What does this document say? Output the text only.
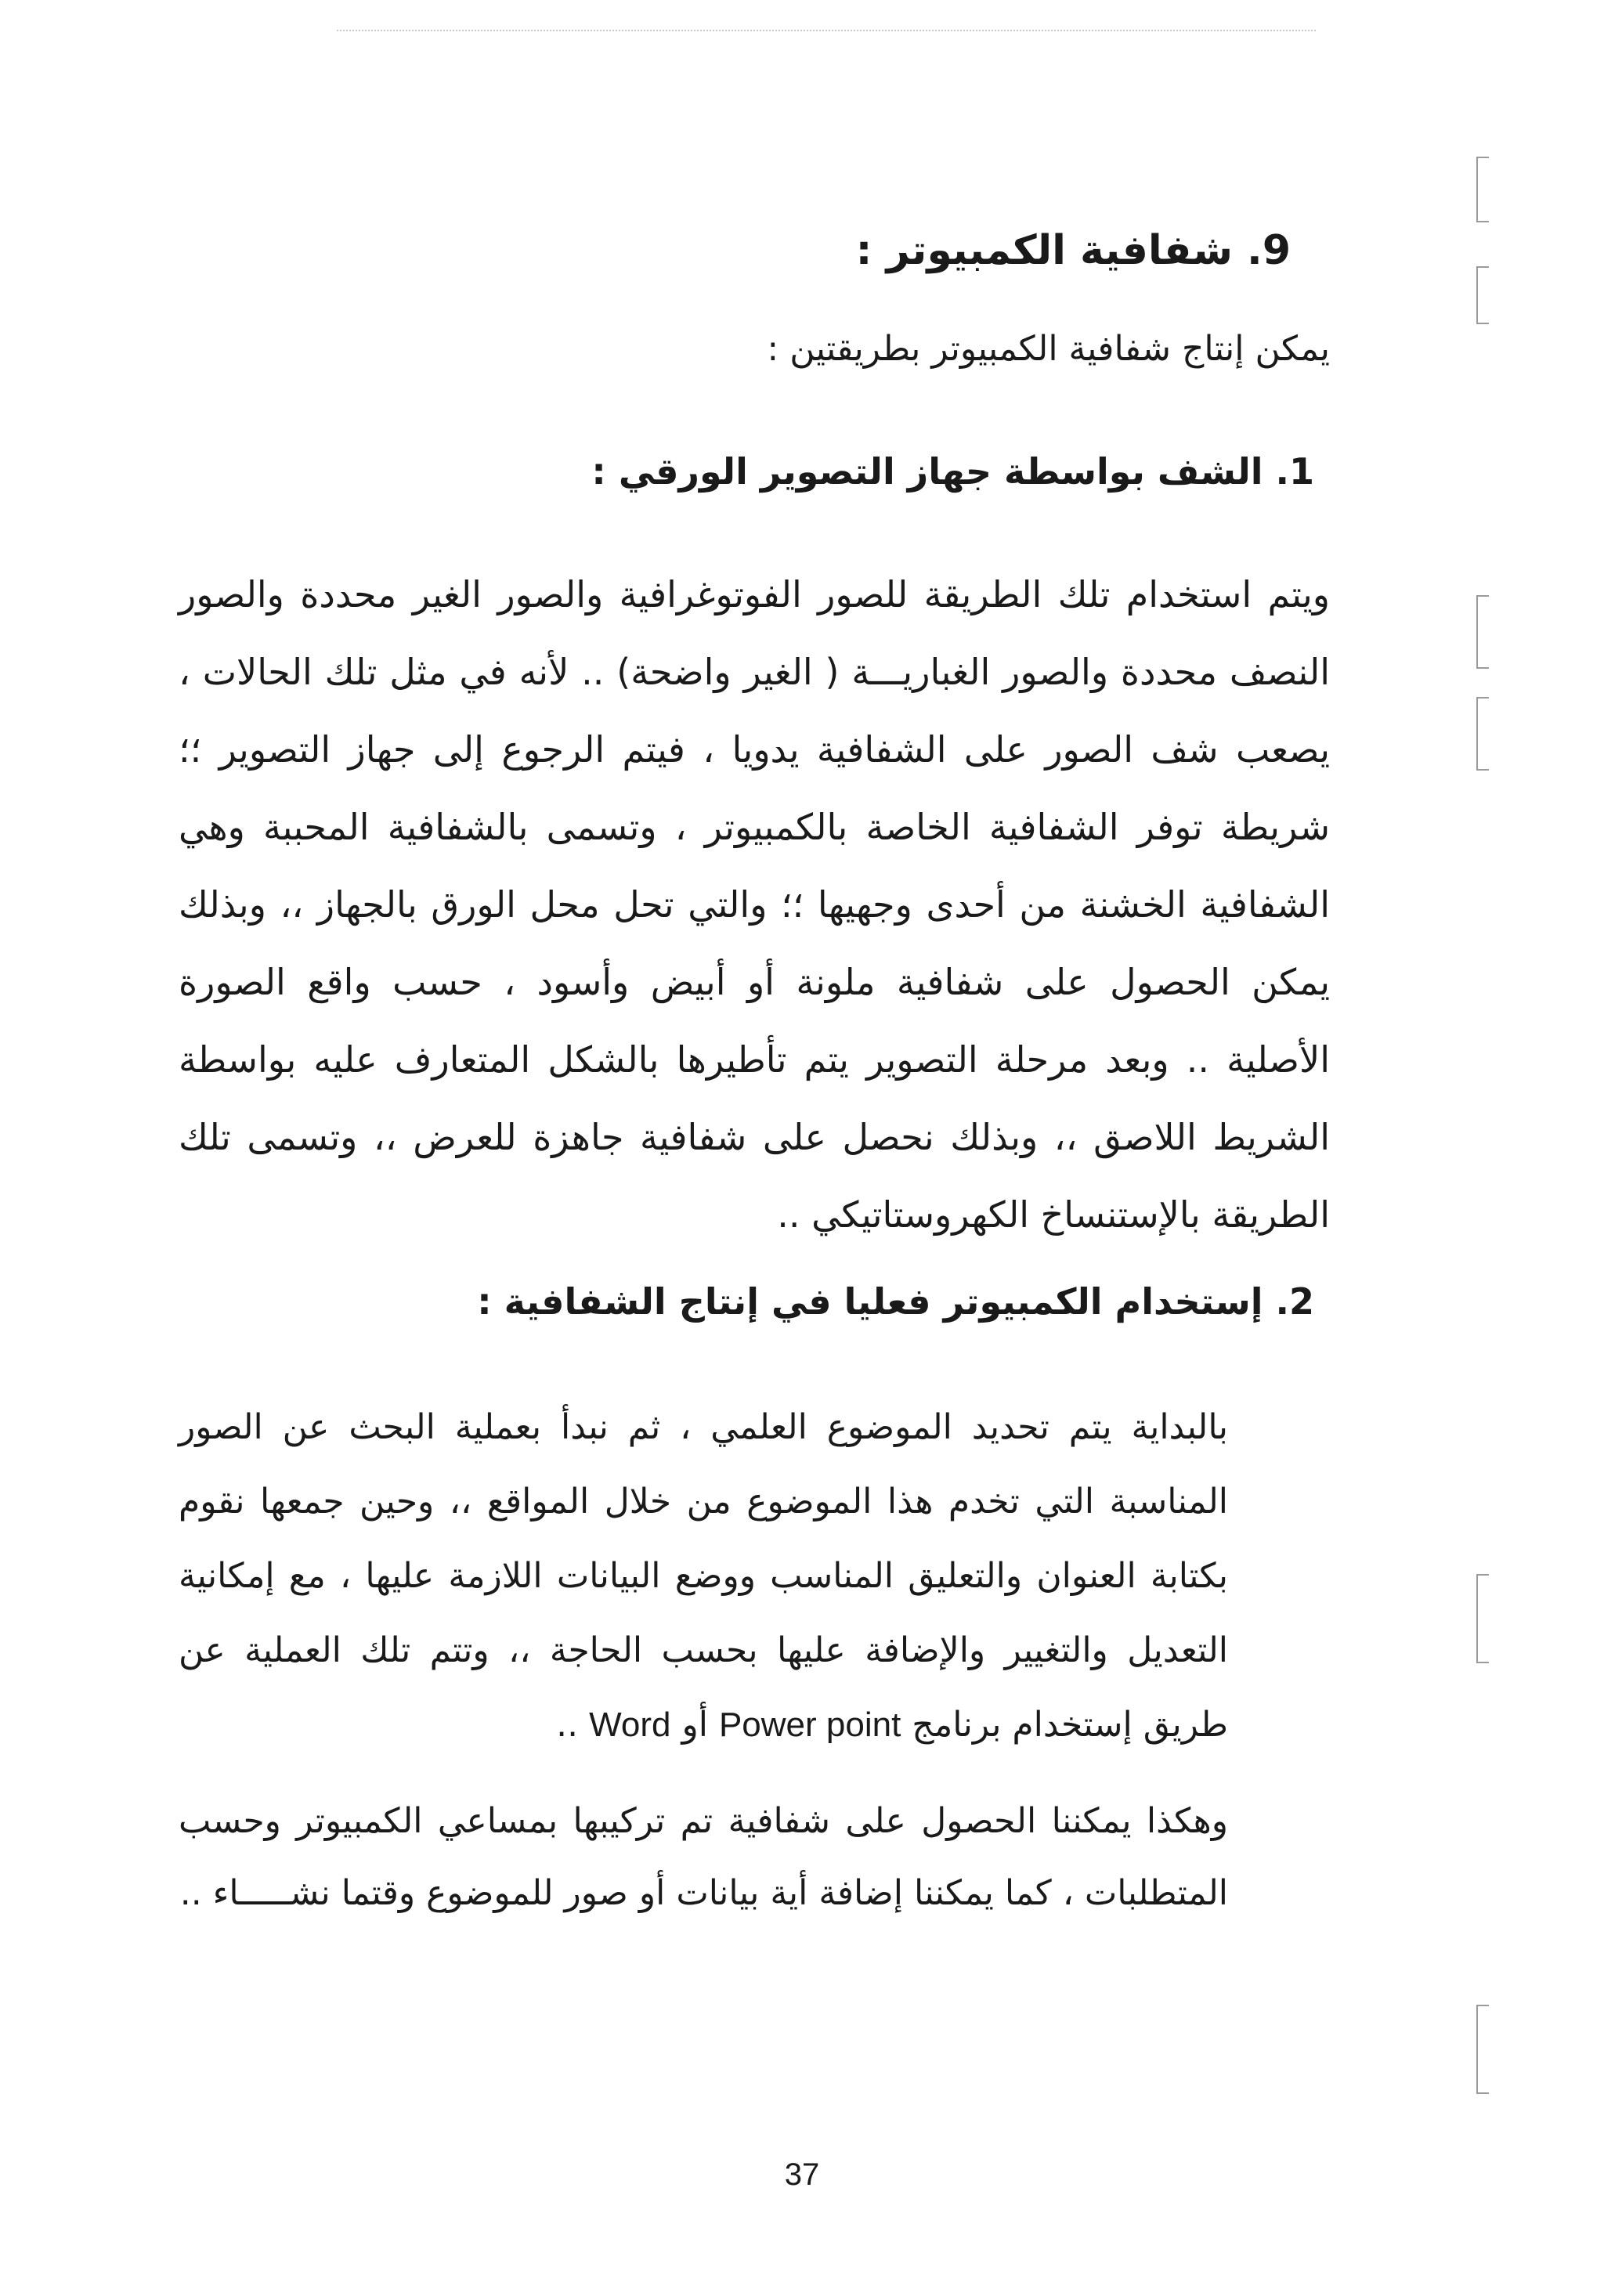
9. شفافية الكمبيوتر :
يمكن إنتاج شفافية الكمبيوتر بطريقتين :
1. الشف بواسطة جهاز التصوير الورقي :

ويتم استخدام تلك الطريقة للصور الفوتوغرافية والصور الغير محددة والصور النصف محددة والصور الغباريـــة ( الغير واضحة) .. لأنه في مثل تلك الحالات ، يصعب شف الصور على الشفافية يدويا ، فيتم الرجوع إلى جهاز التصوير ؛؛ شريطة توفر الشفافية الخاصة بالكمبيوتر ، وتسمى بالشفافية المحببة وهي الشفافية الخشنة من أحدى وجهيها ؛؛ والتي تحل محل الورق بالجهاز ،، وبذلك يمكن الحصول على شفافية ملونة أو أبيض وأسود ، حسب واقع الصورة الأصلية .. وبعد مرحلة التصوير يتم تأطيرها بالشكل المتعارف عليه بواسطة الشريط اللاصق ،، وبذلك نحصل على شفافية جاهزة للعرض ،، وتسمى تلك الطريقة بالإستنساخ الكهروستاتيكي ..

2. إستخدام الكمبيوتر فعليا في إنتاج الشفافية :

بالبداية يتم تحديد الموضوع العلمي ، ثم نبدأ بعملية البحث عن الصور المناسبة التي تخدم هذا الموضوع من خلال المواقع ،، وحين جمعها نقوم بكتابة العنوان والتعليق المناسب ووضع البيانات اللازمة عليها ، مع إمكانية التعديل والتغيير والإضافة عليها بحسب الحاجة ،، وتتم تلك العملية عن طريق إستخدام برنامج Power point أو Word ..

وهكذا يمكننا الحصول على شفافية تم تركيبها بمساعي الكمبيوتر وحسب المتطلبات ، كما يمكننا إضافة أية بيانات أو صور للموضوع وقتما نشـــــاء ..

37
